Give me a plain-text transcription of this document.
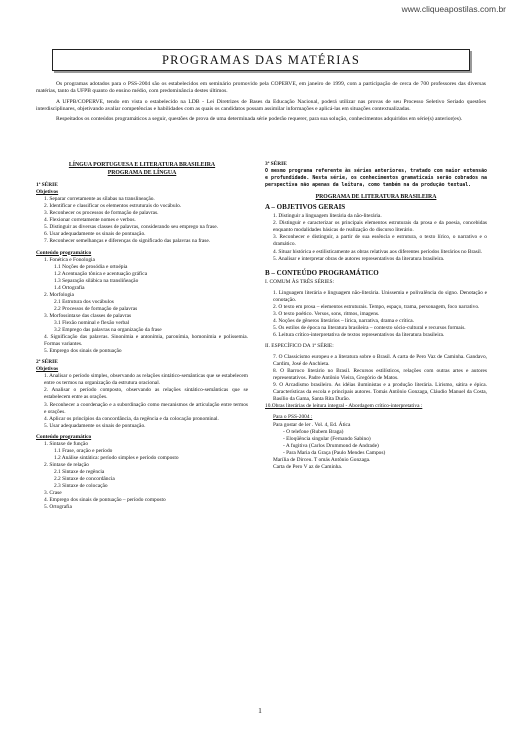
www.cliqueapostilas.com.br
PROGRAMAS DAS MATÉRIAS

Os programas adotados para o PSS-2004 são os estabelecidos em seminário promovido pela COPERVE, em janeiro de 1999, com a participação de cerca de 700 professores das diversas matérias, tanto da UFPB quanto do ensino médio, com predominância destes últimos.

A UFPB/COPERVE, tendo em vista o estabelecido na LDB - Lei Diretrizes de Bases da Educação Nacional, poderá utilizar nas provas de seu Processo Seletivo Seriado questões interdisciplinares, objetivando avaliar competências e habilidades com as quais os candidatos possam assimilar informações e aplicá-las em situações contextualizadas.

Respeitados os conteúdos programáticos a seguir, questões de prova de uma determinada série poderão requerer, para sua solução, conhecimentos adquiridos em série(s) anterior(es).

LÍNGUA PORTUGUESA E LITERATURA BRASILEIRA
PROGRAMA DE LÍNGUA
1ª SÉRIE
Objetivos
1. Separar corretamente as sílabas na translineação.
2. Identificar e classificar os elementos estruturais do vocábulo.
3. Reconhecer os processos de formação de palavras.
4. Flexionar corretamente nomes e verbos.
5. Distinguir as diversas classes de palavras, considerando seu emprego na frase.
6. Usar adequadamente os sinais de pontuação.
7. Reconhecer semelhanças e diferenças do significado das palavras na frase.
Conteúdo programático
1. Fonética e Fonologia
1.1 Noções de prosódia e ortoépia
1.2 Acentuação tônica e acentuação gráfica
1.3 Separação silábica na transliñeação
1.4 Ortografia
2. Morfologia
2.1 Estrutura dos vocábulos
2.2 Processos de formação de palavras
3. Morfossintaxe das classes de palavras
3.1 Flexão nominal e flexão verbal
3.2 Emprego das palavras na organização da frase
4. Significação das palavras. Sinonímia e antonímia, paronímia, homonímia e polissemia. Formas variantes.
5. Emprego dos sinais de pontuação
2ª SÉRIE
Objetivos
1. Analisar o período simples, observando as relações sintático-semânticas que se estabelecem entre os termos na organização da estrutura oracional.
2. Analisar o período composto, observando as relações sintático-semânticas que se estabelecem entre as orações.
3. Reconhecer a coordenação e a subordinação como mecanismos de articulação entre termos e orações.
4. Aplicar os princípios da concordância, da regência e da colocação pronominal.
5. Usar adequadamente os sinais de pontuação.
Conteúdo programático
1. Sintaxe de função
1.1 Frase, oração e período
1.2 Análise sintática: período simples e período composto
2. Sintaxe de relação
2.1 Sintaxe de regência
2.2 Sintaxe de concordância
2.3 Sintaxe de colocação
3. Crase
4. Emprego dos sinais de pontuação – período composto
5. Ortografia
3ª SÉRIE
O mesmo programa referente às séries anteriores, tratado com maior extensão e profundidade. Nesta série, os conhecimentos gramaticais serão cobrados na perspectiva não apenas da leitura, como também na da produção textual.
PROGRAMA DE LITERATURA BRASILEIRA
A – OBJETIVOS GERAIS
1. Distinguir a linguagem literária da não-literária.
2. Distinguir e caracterizar os principais elementos estruturais da prosa e da poesia, concebidas enquanto modalidades básicas de realização do discurso literário.
3. Reconhecer e distinguir, a partir de sua essência e estrutura, o texto lírico, o narrativo e o dramático.
4. Situar histórica e estilisticamente as obras relativas aos diferentes períodos literários no Brasil.
5. Analisar e interpretar obras de autores representativos da literatura brasileira.
B – CONTEÚDO PROGRAMÁTICO
I. COMUM ÀS TRÊS SÉRIES:
1. Linguagem literária e linguagem não-literária. Unissemia e polivalência do signo. Denotação e conotação.
2. O texto em prosa – elementos estruturais. Tempo, espaço, trama, personagem, foco narrativo.
3. O texto poético. Versos, sons, ritmos, imagens.
4. Noções de gêneros literários – lírica, narrativa, drama e crítica.
5. Os estilos de época na literatura brasileira – contexto sócio-cultural e recursos formais.
6. Leitura crítico-interpretativa de textos representativos da literatura brasileira.
II. ESPECÍFICO DA 1ª SÉRIE:
7. O Classicismo europeu e a literatura sobre o Brasil. A carta de Pero Vaz de Caminha. Gandavo, Cardim, José de Anchieta.
8. O Barroco literário no Brasil. Recursos estilísticos, relações com outras artes e autores representativos. Padre Antônio Vieira, Gregório de Matos.
9. O Arcadismo brasileiro. As idéias iluministas e a produção literária. Lirismo, sátira e épica. Características da escola e principais autores. Tomás Antônio Gonzaga, Cláudio Manuel da Costa, Basílio da Gama, Santa Rita Durão.
10.Obras literárias de leitura integral - Abordagem crítico-interpretativa :
Para o PSS-2004 :
Para gostar de ler . Vol. 4, Ed. Ática
- O telefone (Rubem Braga)
- Eloqüência singular (Fernando Sabino)
- A fugitiva (Carlos Drummond de Andrade)
- Para Maria da Graça (Paulo Mendes Campos)
Marília de Dirceu. T omás Antônio Gonzaga.
Carta de Pero V az de Caminha.
1
